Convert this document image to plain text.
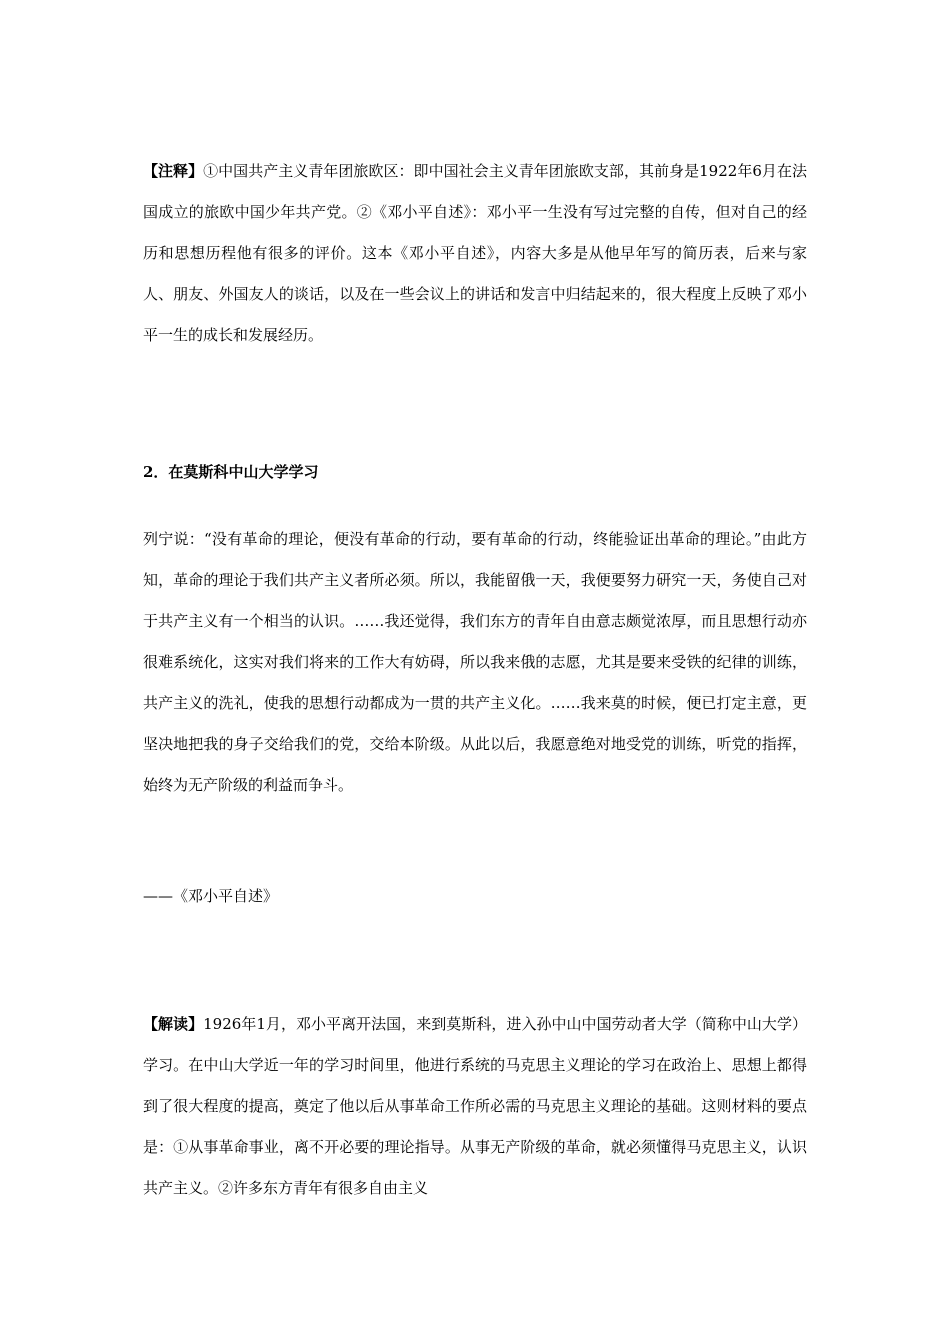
【注释】①中国共产主义青年团旅欧区：即中国社会主义青年团旅欧支部，其前身是1922年6月在法国成立的旅欧中国少年共产党。②《邓小平自述》：邓小平一生没有写过完整的自传，但对自己的经历和思想历程他有很多的评价。这本《邓小平自述》，内容大多是从他早年写的简历表，后来与家人、朋友、外国友人的谈话，以及在一些会议上的讲话和发言中归结起来的，很大程度上反映了邓小平一生的成长和发展经历。

2．在莫斯科中山大学学习

列宁说：“没有革命的理论，便没有革命的行动，要有革命的行动，终能验证出革命的理论。”由此方知，革命的理论于我们共产主义者所必须。所以，我能留俄一天，我便要努力研究一天，务使自己对于共产主义有一个相当的认识。……我还觉得，我们东方的青年自由意志颇觉浓厚，而且思想行动亦很难系统化，这实对我们将来的工作大有妨碍，所以我来俄的志愿，尤其是要来受铁的纪律的训练，共产主义的洗礼，使我的思想行动都成为一贯的共产主义化。……我来莫的时候，便已打定主意，更坚决地把我的身子交给我们的党，交给本阶级。从此以后，我愿意绝对地受党的训练，听党的指挥，始终为无产阶级的利益而争斗。

——《邓小平自述》

【解读】1926年1月，邓小平离开法国，来到莫斯科，进入孙中山中国劳动者大学（简称中山大学）学习。在中山大学近一年的学习时间里，他进行系统的马克思主义理论的学习在政治上、思想上都得到了很大程度的提高，奠定了他以后从事革命工作所必需的马克思主义理论的基础。这则材料的要点是：①从事革命事业，离不开必要的理论指导。从事无产阶级的革命，就必须懂得马克思主义，认识共产主义。②许多东方青年有很多自由主义
